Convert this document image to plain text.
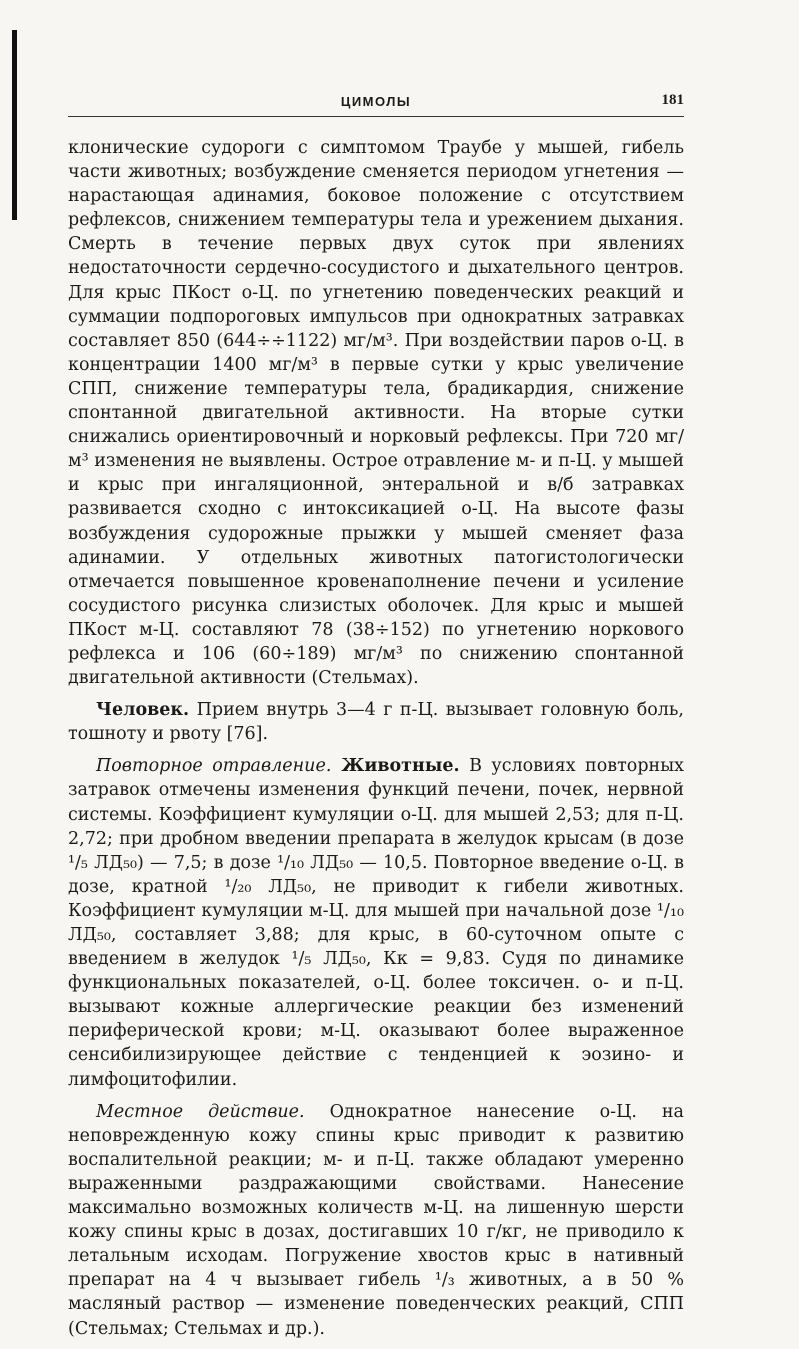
ЦИМОЛЫ	181

клонические судороги с симптомом Траубе у мышей, гибель части животных; возбуждение сменяется периодом угнетения — нарастающая адинамия, боковое положение с отсутствием рефлексов, снижением температуры тела и урежением дыхания. Смерть в течение первых двух суток при явлениях недостаточности сердечно-сосудистого и дыхательного центров. Для крыс ПКост о-Ц. по угнетению поведенческих реакций и суммации подпороговых импульсов при однократных затравках составляет 850 (644÷÷1122) мг/м³. При воздействии паров о-Ц. в концентрации 1400 мг/м³ в первые сутки у крыс увеличение СПП, снижение температуры тела, брадикардия, снижение спонтанной двигательной активности. На вторые сутки снижались ориентировочный и норковый рефлексы. При 720 мг/м³ изменения не выявлены. Острое отравление м- и п-Ц. у мышей и крыс при ингаляционной, энтеральной и в/б затравках развивается сходно с интоксикацией о-Ц. На высоте фазы возбуждения судорожные прыжки у мышей сменяет фаза адинамии. У отдельных животных патогистологически отмечается повышенное кровенаполнение печени и усиление сосудистого рисунка слизистых оболочек. Для крыс и мышей ПКост м-Ц. составляют 78 (38÷152) по угнетению норкового рефлекса и 106 (60÷189) мг/м³ по снижению спонтанной двигательной активности (Стельмах).

Человек. Прием внутрь 3—4 г п-Ц. вызывает головную боль, тошноту и рвоту [76].

Повторное отравление. Животные. В условиях повторных затравок отмечены изменения функций печени, почек, нервной системы. Коэффициент кумуляции о-Ц. для мышей 2,53; для п-Ц. 2,72; при дробном введении препарата в желудок крысам (в дозе ¹/₅ ЛД₅₀) — 7,5; в дозе ¹/₁₀ ЛД₅₀ — 10,5. Повторное введение о-Ц. в дозе, кратной ¹/₂₀ ЛД₅₀, не приводит к гибели животных. Коэффициент кумуляции м-Ц. для мышей при начальной дозе ¹/₁₀ ЛД₅₀, составляет 3,88; для крыс, в 60-суточном опыте с введением в желудок ¹/₅ ЛД₅₀, Кк = 9,83. Судя по динамике функциональных показателей, о-Ц. более токсичен. о- и п-Ц. вызывают кожные аллергические реакции без изменений периферической крови; м-Ц. оказывают более выраженное сенсибилизирующее действие с тенденцией к эозино- и лимфоцитофилии.

Местное действие. Однократное нанесение о-Ц. на неповрежденную кожу спины крыс приводит к развитию воспалительной реакции; м- и п-Ц. также обладают умеренно выраженными раздражающими свойствами. Нанесение максимально возможных количеств м-Ц. на лишенную шерсти кожу спины крыс в дозах, достигавших 10 г/кг, не приводило к летальным исходам. Погружение хвостов крыс в нативный препарат на 4 ч вызывает гибель ¹/₃ животных, а в 50 % масляный раствор — изменение поведенческих реакций, СПП (Стельмах; Стельмах и др.).
